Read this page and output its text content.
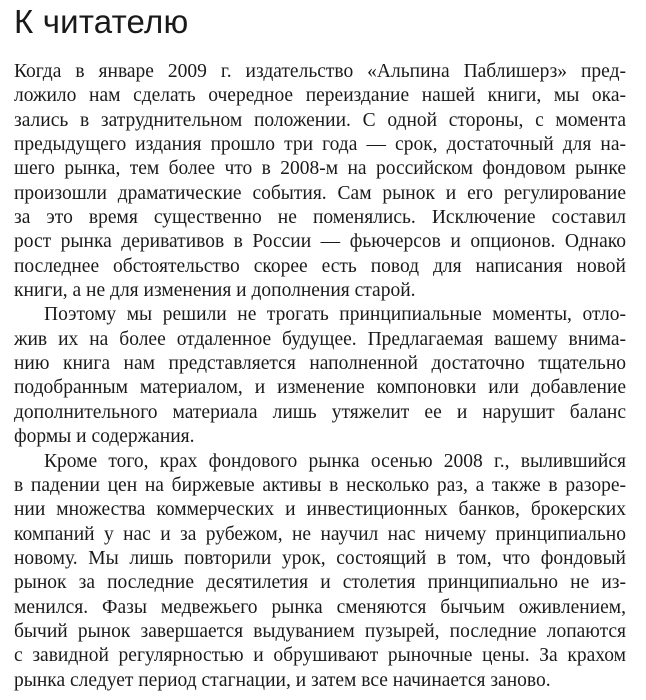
К читателю
Когда в январе 2009 г. издательство «Альпина Паблишерз» пред-
ложило нам сделать очередное переиздание нашей книги, мы ока-
зались в затруднительном положении. С одной стороны, с момента
предыдущего издания прошло три года — срок, достаточный для на-
шего рынка, тем более что в 2008-м на российском фондовом рынке
произошли драматические события. Сам рынок и его регулирование
за это время существенно не поменялись. Исключение составил
рост рынка деривативов в России — фьючерсов и опционов. Однако
последнее обстоятельство скорее есть повод для написания новой
книги, а не для изменения и дополнения старой.
Поэтому мы решили не трогать принципиальные моменты, отло-
жив их на более отдаленное будущее. Предлагаемая вашему внима-
нию книга нам представляется наполненной достаточно тщательно
подобранным материалом, и изменение компоновки или добавление
дополнительного материала лишь утяжелит ее и нарушит баланс
формы и содержания.
Кроме того, крах фондового рынка осенью 2008 г., вылившийся
в падении цен на биржевые активы в несколько раз, а также в разоре-
нии множества коммерческих и инвестиционных банков, брокерских
компаний у нас и за рубежом, не научил нас ничему принципиально
новому. Мы лишь повторили урок, состоящий в том, что фондовый
рынок за последние десятилетия и столетия принципиально не из-
менился. Фазы медвежьего рынка сменяются бычьим оживлением,
бычий рынок завершается выдуванием пузырей, последние лопаются
с завидной регулярностью и обрушивают рыночные цены. За крахом
рынка следует период стагнации, и затем все начинается заново.
